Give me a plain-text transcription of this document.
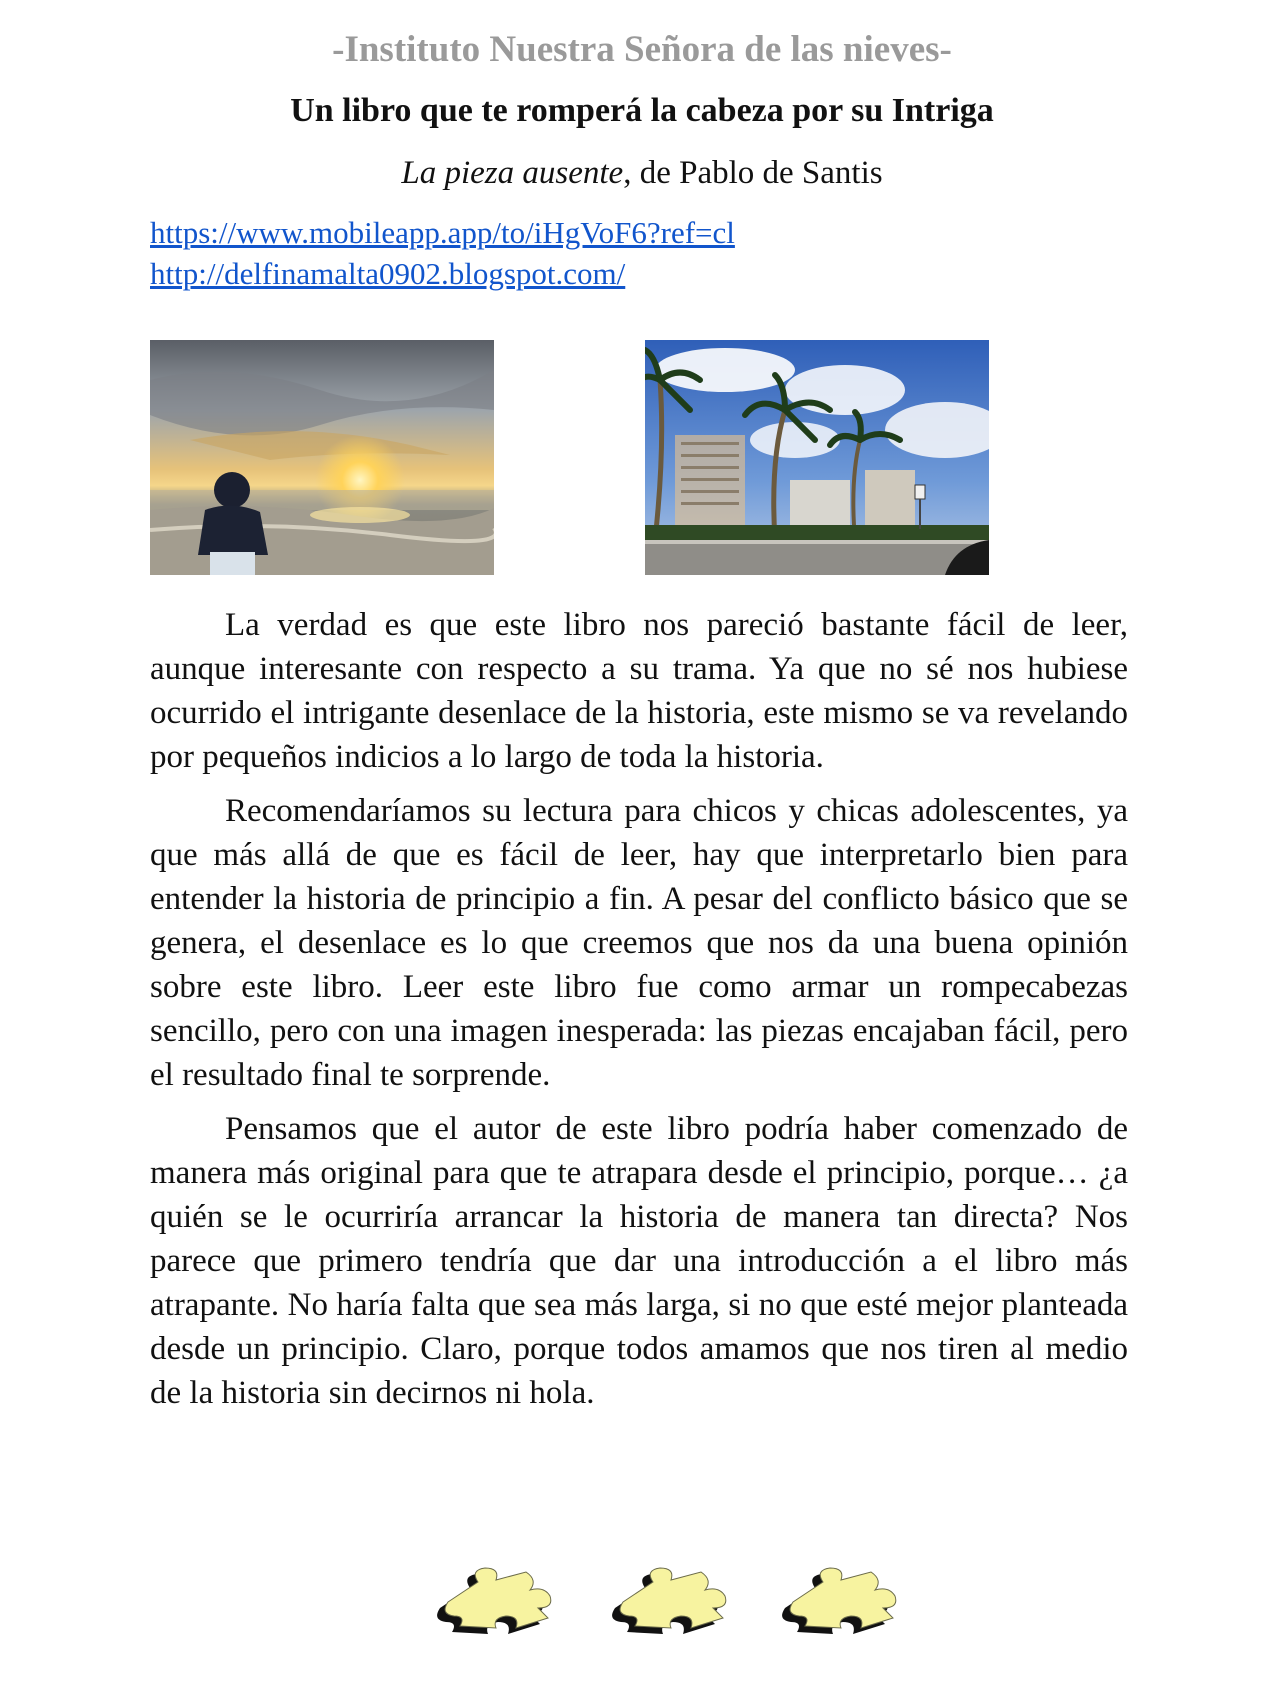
-Instituto Nuestra Señora de las nieves-
Un libro que te romperá la cabeza por su Intriga
La pieza ausente, de Pablo de Santis
https://www.mobileapp.app/to/iHgVoF6?ref=cl
http://delfinamalta0902.blogspot.com/

La verdad es que este libro nos pareció bastante fácil de leer, aunque interesante con respecto a su trama. Ya que no sé nos hubiese ocurrido el intrigante desenlace de la historia, este mismo se va revelando por pequeños indicios a lo largo de toda la historia.

Recomendaríamos su lectura para chicos y chicas adolescentes, ya que más allá de que es fácil de leer, hay que interpretarlo bien para entender la historia de principio a fin. A pesar del conflicto básico que se genera, el desenlace es lo que creemos que nos da una buena opinión sobre este libro. Leer este libro fue como armar un rompecabezas sencillo, pero con una imagen inesperada: las piezas encajaban fácil, pero el resultado final te sorprende.

Pensamos que el autor de este libro podría haber comenzado de manera más original para que te atrapara desde el principio, porque… ¿a quién se le ocurriría arrancar la historia de manera tan directa? Nos parece que primero tendría que dar una introducción a el libro más atrapante. No haría falta que sea más larga, si no que esté mejor planteada desde un principio. Claro, porque todos amamos que nos tiren al medio de la historia sin decirnos ni hola.
